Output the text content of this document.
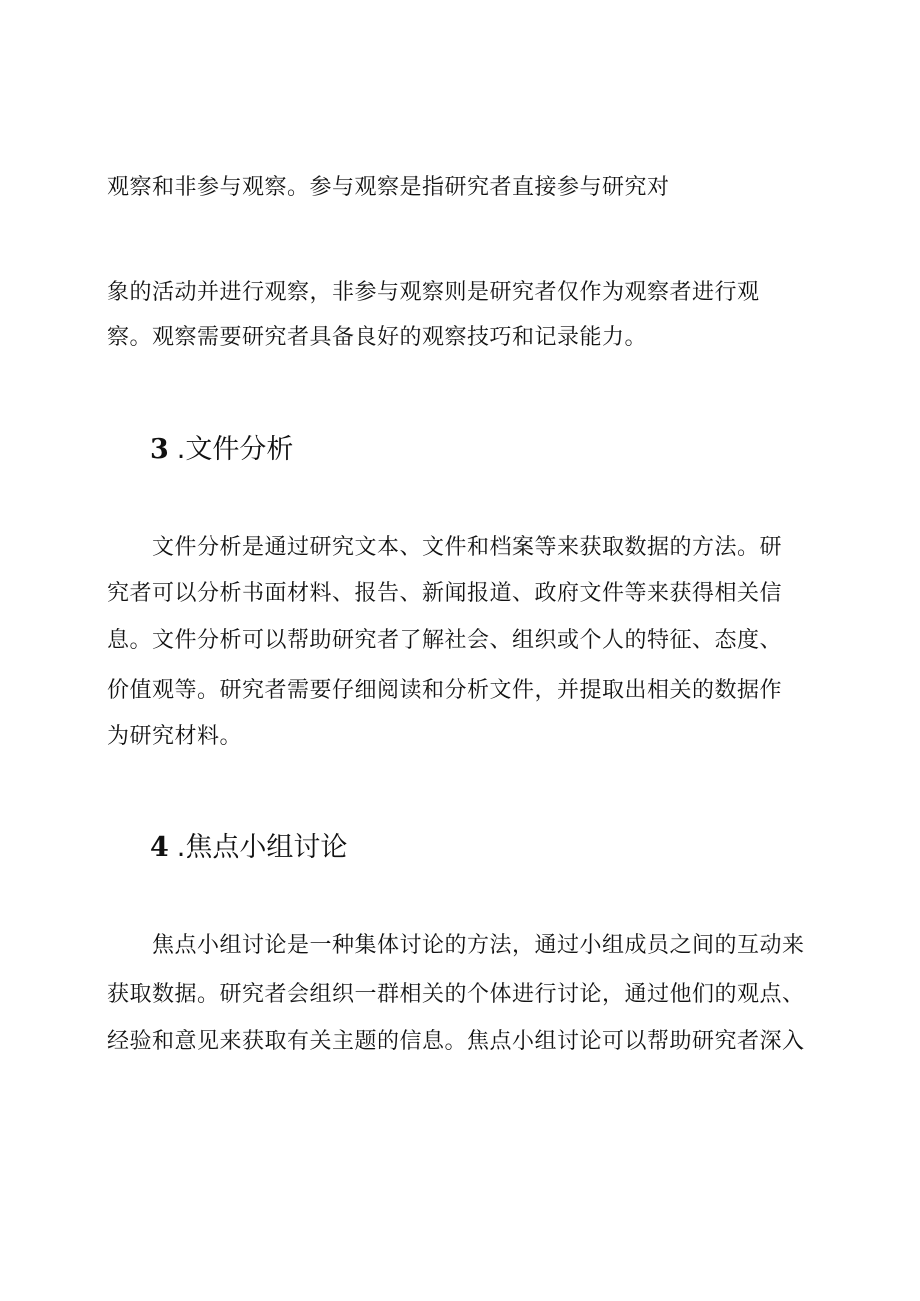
观察和非参与观察。参与观察是指研究者直接参与研究对
象的活动并进行观察，非参与观察则是研究者仅作为观察者进行观
察。观察需要研究者具备良好的观察技巧和记录能力。
3 .文件分析
文件分析是通过研究文本、文件和档案等来获取数据的方法。研
究者可以分析书面材料、报告、新闻报道、政府文件等来获得相关信
息。文件分析可以帮助研究者了解社会、组织或个人的特征、态度、
价值观等。研究者需要仔细阅读和分析文件，并提取出相关的数据作
为研究材料。
4 .焦点小组讨论
焦点小组讨论是一种集体讨论的方法，通过小组成员之间的互动来
获取数据。研究者会组织一群相关的个体进行讨论，通过他们的观点、
经验和意见来获取有关主题的信息。焦点小组讨论可以帮助研究者深入
